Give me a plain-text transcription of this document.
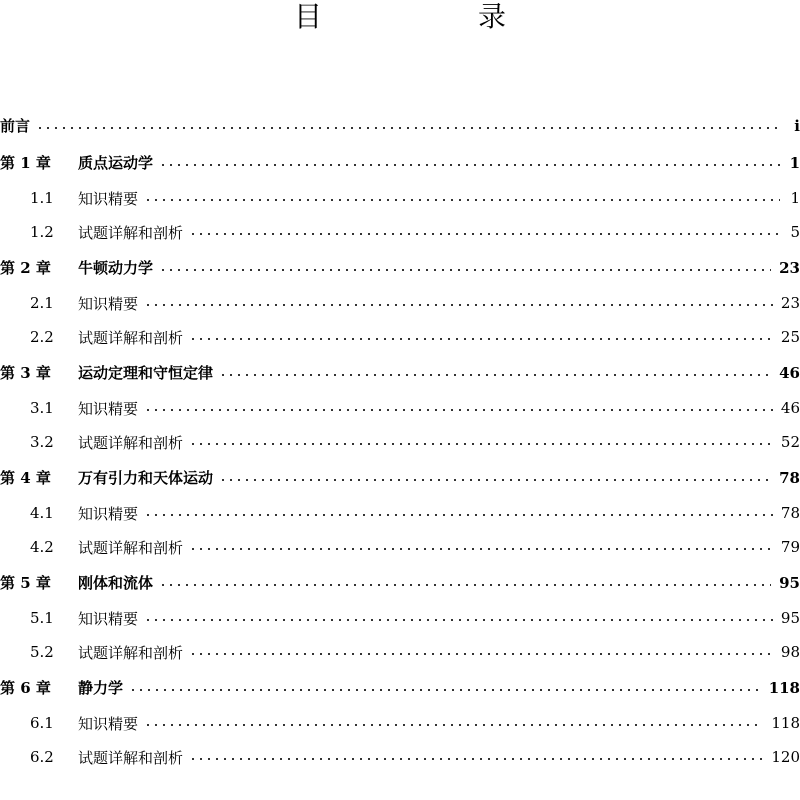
目　录
前言	i
第 1 章	质点运动学	1
1.1	知识精要	1
1.2	试题详解和剖析	5
第 2 章	牛顿动力学	23
2.1	知识精要	23
2.2	试题详解和剖析	25
第 3 章	运动定理和守恒定律	46
3.1	知识精要	46
3.2	试题详解和剖析	52
第 4 章	万有引力和天体运动	78
4.1	知识精要	78
4.2	试题详解和剖析	79
第 5 章	刚体和流体	95
5.1	知识精要	95
5.2	试题详解和剖析	98
第 6 章	静力学	118
6.1	知识精要	118
6.2	试题详解和剖析	120
